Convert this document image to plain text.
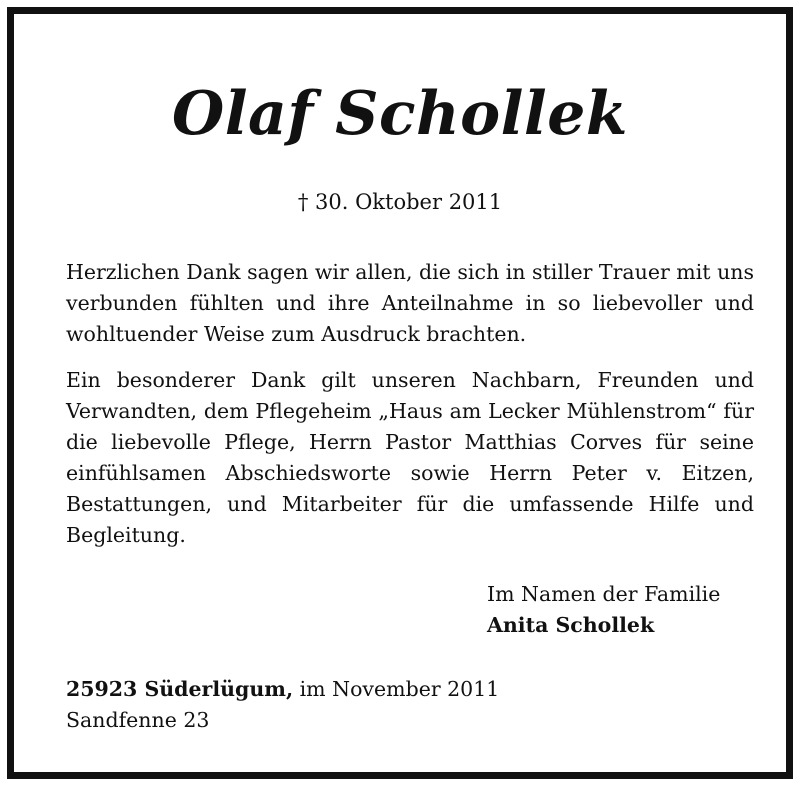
Olaf Schollek

† 30. Oktober 2011

Herzlichen Dank sagen wir allen, die sich in stiller Trauer mit uns verbunden fühlten und ihre Anteilnahme in so liebevoller und wohltuender Weise zum Ausdruck brachten.

Ein besonderer Dank gilt unseren Nachbarn, Freunden und Verwandten, dem Pflegeheim „Haus am Lecker Mühlenstrom“ für die liebevolle Pflege, Herrn Pastor Matthias Corves für seine einfühlsamen Abschiedsworte sowie Herrn Peter v. Eitzen, Bestattungen, und Mitarbeiter für die umfassende Hilfe und Begleitung.

Im Namen der Familie
Anita Schollek
25923 Süderlügum, im November 2011
Sandfenne 23
